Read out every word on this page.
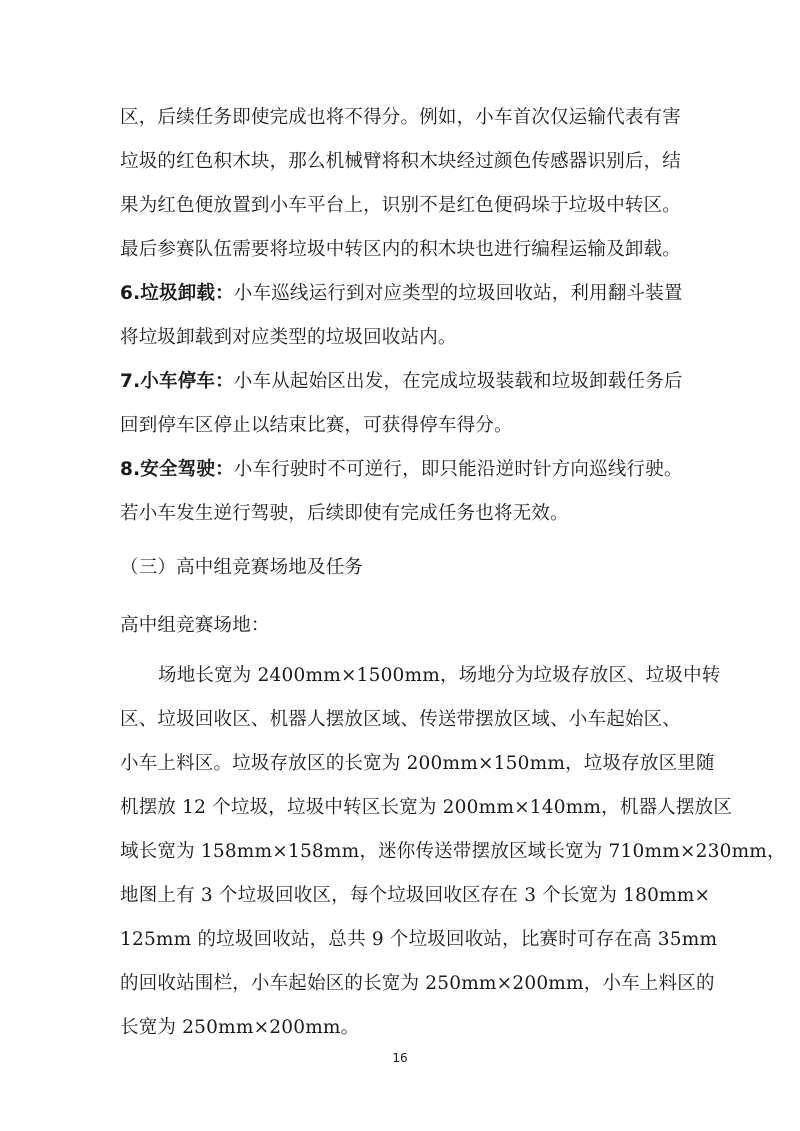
区，后续任务即使完成也将不得分。例如，小车首次仅运输代表有害
垃圾的红色积木块，那么机械臂将积木块经过颜色传感器识别后，结
果为红色便放置到小车平台上，识别不是红色便码垛于垃圾中转区。
最后参赛队伍需要将垃圾中转区内的积木块也进行编程运输及卸载。
6.垃圾卸载：小车巡线运行到对应类型的垃圾回收站，利用翻斗装置
将垃圾卸载到对应类型的垃圾回收站内。
7.小车停车：小车从起始区出发，在完成垃圾装载和垃圾卸载任务后
回到停车区停止以结束比赛，可获得停车得分。
8.安全驾驶：小车行驶时不可逆行，即只能沿逆时针方向巡线行驶。
若小车发生逆行驾驶，后续即使有完成任务也将无效。
（三）高中组竞赛场地及任务
高中组竞赛场地：
场地长宽为 2400mm×1500mm，场地分为垃圾存放区、垃圾中转
区、垃圾回收区、机器人摆放区域、传送带摆放区域、小车起始区、
小车上料区。垃圾存放区的长宽为 200mm×150mm，垃圾存放区里随
机摆放 12 个垃圾，垃圾中转区长宽为 200mm×140mm，机器人摆放区
域长宽为 158mm×158mm，迷你传送带摆放区域长宽为 710mm×230mm，
地图上有 3 个垃圾回收区，每个垃圾回收区存在 3 个长宽为 180mm×
125mm 的垃圾回收站，总共 9 个垃圾回收站，比赛时可存在高 35mm
的回收站围栏，小车起始区的长宽为 250mm×200mm，小车上料区的
长宽为 250mm×200mm。
16
